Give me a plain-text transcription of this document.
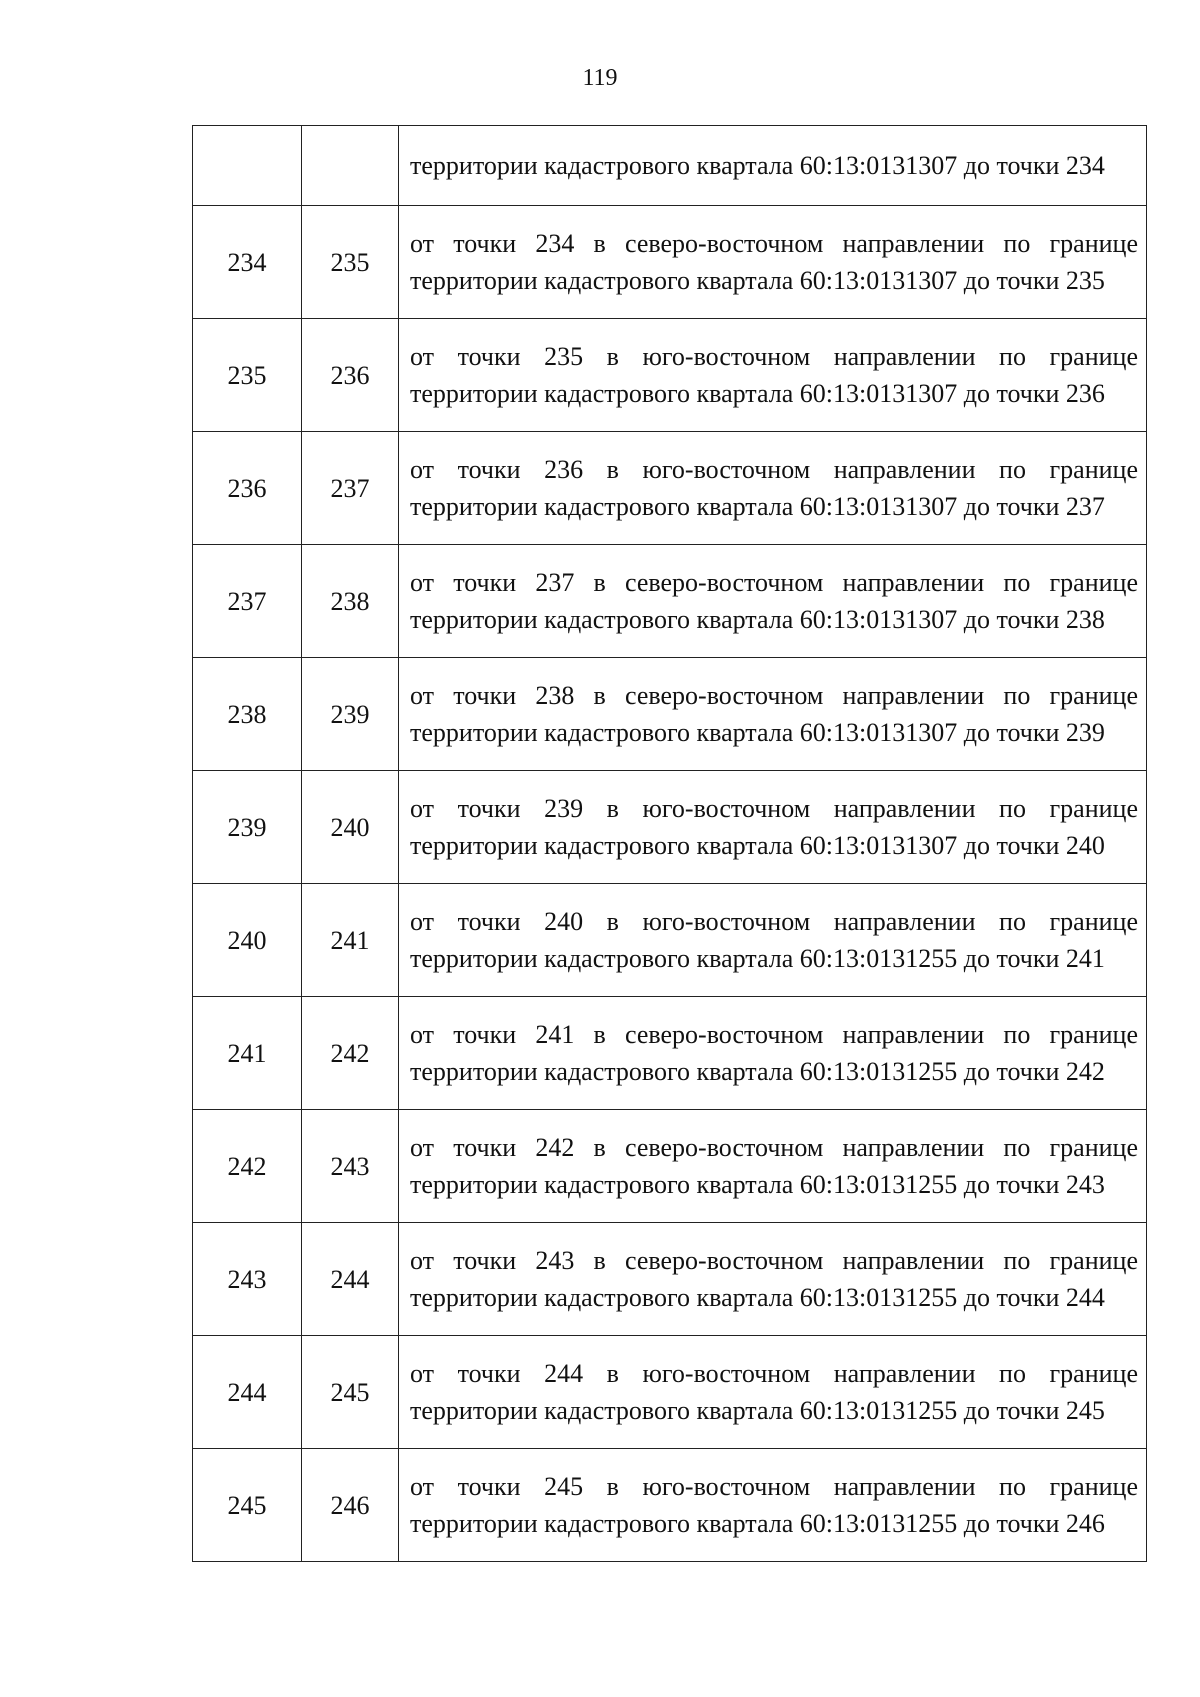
119
		территории кадастрового квартала 60:13:0131307 до точки 234
234	235	от точки 234 в северо-восточном направлении по границе территории кадастрового квартала 60:13:0131307 до точки 235
235	236	от точки 235 в юго-восточном направлении по границе территории кадастрового квартала 60:13:0131307 до точки 236
236	237	от точки 236 в юго-восточном направлении по границе территории кадастрового квартала 60:13:0131307 до точки 237
237	238	от точки 237 в северо-восточном направлении по границе территории кадастрового квартала 60:13:0131307 до точки 238
238	239	от точки 238 в северо-восточном направлении по границе территории кадастрового квартала 60:13:0131307 до точки 239
239	240	от точки 239 в юго-восточном направлении по границе территории кадастрового квартала 60:13:0131307 до точки 240
240	241	от точки 240 в юго-восточном направлении по границе территории кадастрового квартала 60:13:0131255 до точки 241
241	242	от точки 241 в северо-восточном направлении по границе территории кадастрового квартала 60:13:0131255 до точки 242
242	243	от точки 242 в северо-восточном направлении по границе территории кадастрового квартала 60:13:0131255 до точки 243
243	244	от точки 243 в северо-восточном направлении по границе территории кадастрового квартала 60:13:0131255 до точки 244
244	245	от точки 244 в юго-восточном направлении по границе территории кадастрового квартала 60:13:0131255 до точки 245
245	246	от точки 245 в юго-восточном направлении по границе территории кадастрового квартала 60:13:0131255 до точки 246
